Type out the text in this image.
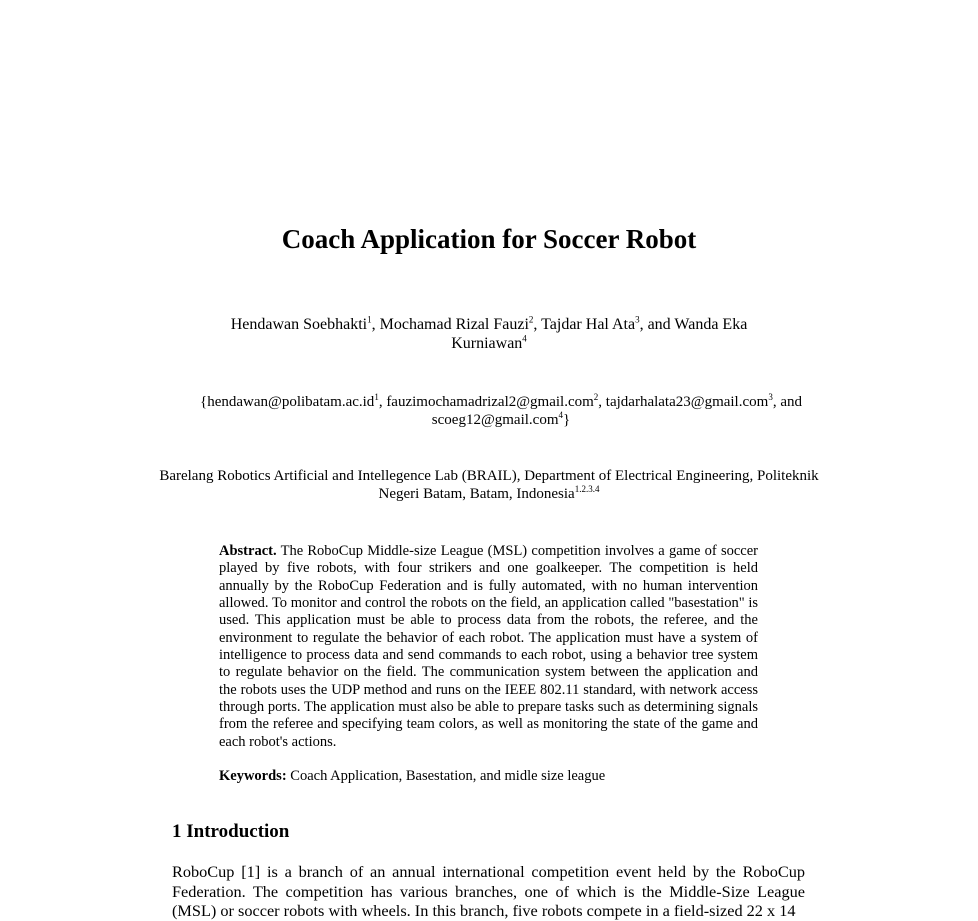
Coach Application for Soccer Robot
Hendawan Soebhakti$^1$, Mochamad Rizal Fauzi$^2$, Tajdar Hal Ata$^3$, and Wanda Eka Kurniawan$^4$
{$hendawan@polibatam.ac.id^1$, fauzimochamadrizal2@gmail.com$^2$, tajdarhalata23@gmail.com$^3$, and scoeg12@gmail.com$^4$}
Barelang Robotics Artificial and Intellegence Lab (BRAIL), Department of Electrical Engineering, Politeknik Negeri Batam, Batam, Indonesia$^{1.2.3.4}$
Abstract. The RoboCup Middle-size League (MSL) competition involves a game of soccer played by five robots, with four strikers and one goalkeeper. The competition is held annually by the RoboCup Federation and is fully automated, with no human intervention allowed. To monitor and control the robots on the field, an application called "basestation" is used. This application must be able to process data from the robots, the referee, and the environment to regulate the behavior of each robot. The application must have a system of intelligence to process data and send commands to each robot, using a behavior tree system to regulate behavior on the field. The communication system between the application and the robots uses the UDP method and runs on the IEEE 802.11 standard, with network access through ports. The application must also be able to prepare tasks such as determining signals from the referee and specifying team colors, as well as monitoring the state of the game and each robot's actions.
Keywords: Coach Application, Basestation, and midle size league
1 Introduction
RoboCup [1] is a branch of an annual international competition event held by the RoboCup Federation. The competition has various branches, one of which is the Middle-Size League (MSL) or soccer robots with wheels. In this branch, five robots compete in a field-sized 22 x 14
